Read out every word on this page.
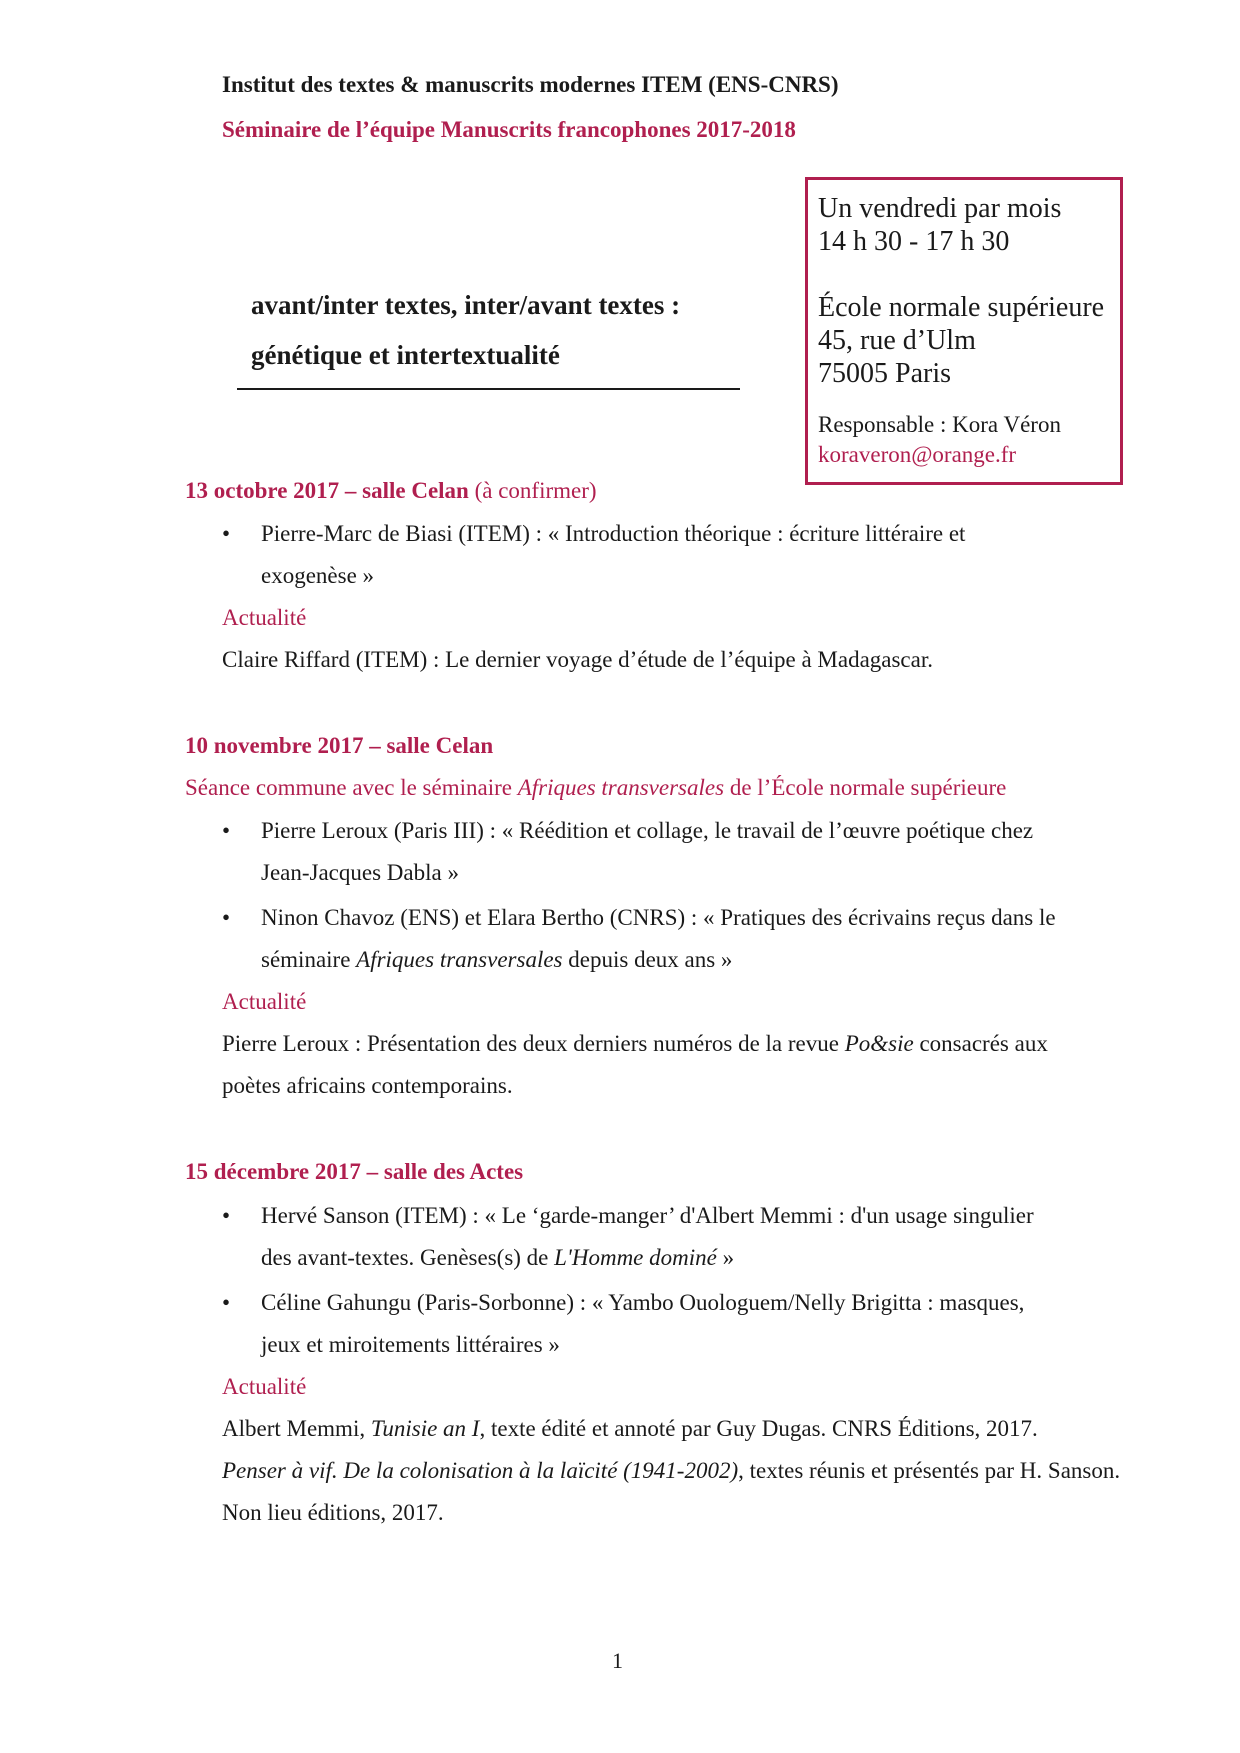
Institut des textes & manuscrits modernes ITEM (ENS-CNRS)
Séminaire de l’équipe Manuscrits francophones 2017-2018
Un vendredi par mois
14 h 30 - 17 h 30
École normale supérieure
45, rue d’Ulm
75005 Paris
Responsable : Kora Véron
koraveron@orange.fr
avant/inter textes, inter/avant textes :
génétique et intertextualité
13 octobre 2017 – salle Celan (à confirmer)
• Pierre-Marc de Biasi (ITEM) : « Introduction théorique : écriture littéraire et
exogenèse »
Actualité
Claire Riffard (ITEM) : Le dernier voyage d’étude de l’équipe à Madagascar.
10 novembre 2017 – salle Celan
Séance commune avec le séminaire Afriques transversales de l’École normale supérieure
• Pierre Leroux (Paris III) : « Réédition et collage, le travail de l’œuvre poétique chez
Jean-Jacques Dabla »
• Ninon Chavoz (ENS) et Elara Bertho (CNRS) : « Pratiques des écrivains reçus dans le
séminaire Afriques transversales depuis deux ans »
Actualité
Pierre Leroux : Présentation des deux derniers numéros de la revue Po&sie consacrés aux
poètes africains contemporains.
15 décembre 2017 – salle des Actes
• Hervé Sanson (ITEM) : « Le ‘garde-manger’ d'Albert Memmi : d'un usage singulier
des avant-textes. Genèses(s) de L'Homme dominé »
• Céline Gahungu (Paris-Sorbonne) : « Yambo Ouologuem/Nelly Brigitta : masques,
jeux et miroitements littéraires »
Actualité
Albert Memmi, Tunisie an I, texte édité et annoté par Guy Dugas. CNRS Éditions, 2017.
Penser à vif. De la colonisation à la laïcité (1941-2002), textes réunis et présentés par H. Sanson.
Non lieu éditions, 2017.
1
